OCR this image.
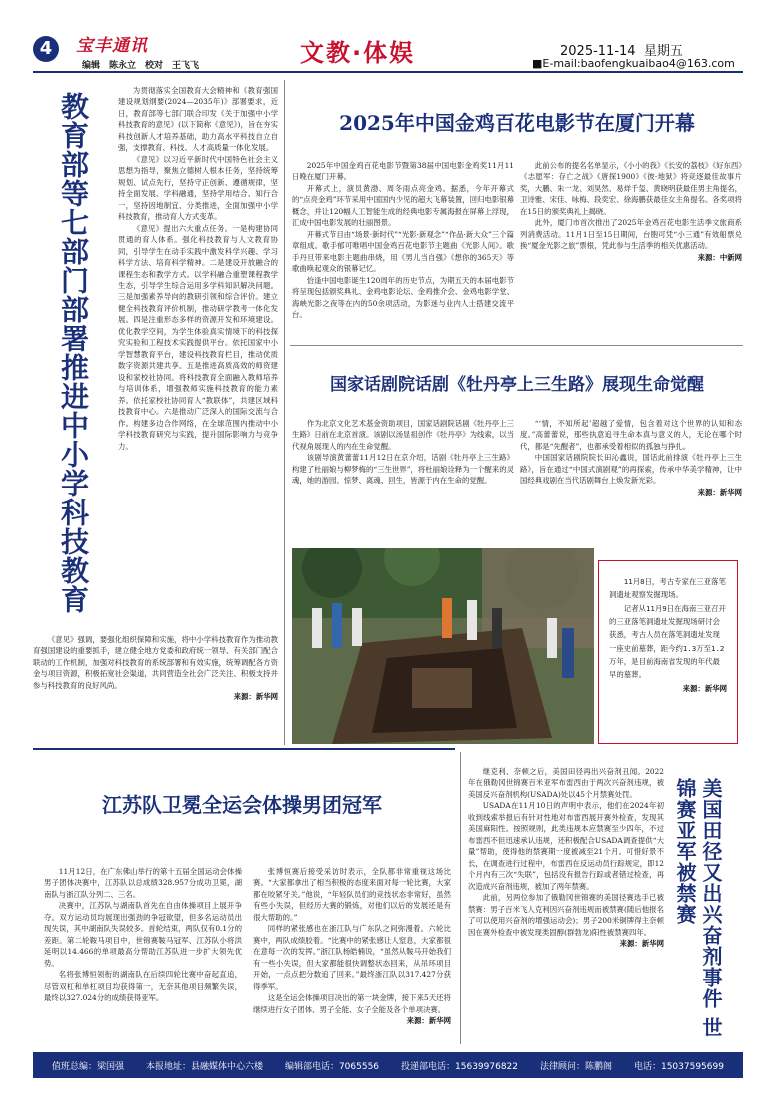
4	宝丰通讯
编辑　陈永立　校对　王飞飞	文教·体娱	2025-11-14 星期五
■E-mail:baofengkuaibao4@163.com
教育部等七部门部署推进中小学科技教育

为贯彻落实全国教育大会精神和《教育强国建设规划纲要(2024—2035年)》部署要求，近日，教育部等七部门联合印发《关于加强中小学科技教育的意见》(以下简称《意见》)，旨在夯实科技创新人才培养基础，助力高水平科技自立自强，支撑教育、科技、人才高质量一体化发展。

《意见》以习近平新时代中国特色社会主义思想为指导，聚焦立德树人根本任务，坚持统筹规划、试点先行，坚持守正创新、遵循规律，坚持全面发展、学科融通，坚持学用结合、知行合一，坚持因地制宜、分类推进，全面加强中小学科技教育，推动育人方式变革。

《意见》提出六大重点任务。一是构建协同贯通的育人体系。强化科技教育与人文教育协同，引导学生在动手实践中激发科学兴趣、学习科学方法、培育科学精神。二是建设开放融合的课程生态和教学方式。以学科融合重塑课程教学生态，引导学生综合运用多学科知识解决问题。三是加强素养导向的教研引领和综合评价。建立健全科技教育评价机制，推动研学教考一体化发展。四是注重形态多样的资源开发和环境建设。优化教学空间，为学生体验真实情境下的科技探究实验和工程技术实践提供平台。依托国家中小学智慧教育平台，建设科技教育栏目，推动优质数字资源共建共享。五是推进高质高效的师资建设和家校社协同。将科技教育全面融入教师培养与培训体系，增强教师实施科技教育的能力素养。依托家校社协同育人“教联体”，共建区域科技教育中心。六是推动广泛深入的国际交流与合作。构建多边合作网络，在全球范围内推动中小学科技教育研究与实践，提升国际影响力与竞争力。

《意见》强调，要强化组织保障和实施，将中小学科技教育作为推动教育强国建设的重要抓手，建立健全地方党委和政府统一领导、有关部门配合联动的工作机制，加强对科技教育的系统部署和有效实施，统筹调配各方资金与项目资源，积极拓宽社会渠道，共同营造全社会广泛关注、积极支持并参与科技教育的良好风尚。

来源：新华网
2025年中国金鸡百花电影节在厦门开幕

2025年中国金鸡百花电影节暨第38届中国电影金鸡奖11月11日晚在厦门开幕。

开幕式上，演员黄渤、周冬雨点亮金鸡。据悉，今年开幕式的“点亮金鸡”环节采用中国国内少见的超大飞幕装置，回归电影银幕概念，并让120幅人工智能生成的经典电影专属海报在屏幕上浮现，汇成中国电影发展的壮丽图景。

开幕式节目由“场景·新时代”“光影·新观念”“作品·新大众”三个篇章组成。歌手郁可唯唱中国金鸡百花电影节主题曲《光影人间》。歌手丹旦带来电影主题曲串烧，用《男儿当自强》《想你的365天》等歌曲唤起观众的银幕记忆。

恰逢中国电影诞生120周年的历史节点，为期五天的本届电影节将呈现包括颁奖典礼、金鸡电影论坛、金鸡推介会、金鸡电影学堂、海峡光影之夜等在内的50余项活动，为影迷与业内人士搭建交流平台。

此前公布的提名名单显示，《小小的我》《长安的荔枝》《好东西》《志愿军：存亡之战》《唐探1900》《彼·地狱》将竞逐最佳故事片奖，大鹏、朱一龙、刘昊然、易烊千玺、黄晓明获最佳男主角提名，卫诗雅、宋佳、咏梅、段奕宏、徐海鹏获最佳女主角提名。各奖项将在15日的颁奖典礼上揭晓。

此外，厦门市首次推出了2025年金鸡百花电影生活季文旅商系列消费活动。11月1日至15日期间，台胞可凭“小三通”有效船票兑换“厦金光影之旅”票根，凭此参与生活季的相关优惠活动。

来源：中新网
国家话剧院话剧《牡丹亭上三生路》展现生命觉醒

作为北京文化艺术基金资助项目，国家话剧院话剧《牡丹亭上三生路》日前在北京首演。该剧以汤显祖创作《牡丹亭》为线索，以当代视角展现人的内在生命觉醒。

该剧导演黄蕾蕾11月12日在京介绍，话剧《牡丹亭上三生路》构建了杜丽娘与柳梦梅的“三生世界”，将杜丽娘诠释为一个醒来的灵魂，她的游园、惊梦、离魂、回生，皆源于内在生命的觉醒。

“‘情，不知所起’超越了爱情，包含着对这个世界的认知和态度。”高蕾蕾说，那些执意追寻生命本真与意义的人，无论在哪个时代，都是“先醒者”，也都承受着相似的孤独与挣扎。

中国国家话剧院院长田沁鑫说，国话此前排演《牡丹亭上三生路》，旨在通过“中国式演剧观”的再探索，传承中华美学精神，让中国经典戏剧在当代话剧舞台上焕发新光彩。

来源：新华网

11月8日，考古专家在三亚落笔洞遗址观察发掘现场。

记者从11月9日在海南三亚召开的三亚落笔洞遗址发掘现场研讨会获悉，考古人员在落笔洞遗址发现一座史前墓葬，距今约1.3万至1.2万年，是目前海南省发现的年代最早的墓葬。

来源：新华网
江苏队卫冕全运会体操男团冠军

11月12日，在广东佛山举行的第十五届全国运动会体操男子团体决赛中，江苏队以总成绩328.957分成功卫冕，湖南队与浙江队分列二、三名。

决赛中，江苏队与湖南队首先在自由体操项目上展开争夺。双方运动员均展现出强劲的争冠欲望，但多名运动员出现失误，其中湖南队失误较多。首轮结束，两队仅有0.1分的差距。第二轮鞍马项目中，世锦赛鞍马冠军、江苏队小将洪延明以14.466的单项最高分帮助江苏队进一步扩大领先优势。

名将张博恒领衔的湖南队在后续四轮比赛中奋起直追，尽管双杠和单杠项目均获得第一，无奈其他项目频繁失误，最终以327.024分的成绩获得亚军。

张博恒赛后接受采访时表示，全队都非常重视这场比赛。“大家都拿出了相当积极的态度来面对每一轮比赛，大家都在咬紧牙关。”他说，“年轻队员们的竞技状态非常好，虽然有些小失误，但经历大赛的锻炼，对他们以后的发展还是有很大帮助的。”

同样的紧张感也在浙江队与广东队之间弥漫着。六轮比赛中，两队成绩胶着。“比赛中的紧张感让人窒息，大家都很在意每一次的发挥。”浙江队杨皓楠说，“虽然从鞍马开始我们有一些小失误，但大家都能很快调整状态回来，从吊环项目开始，一点点把分数追了回来。”最终浙江队以317.427分获得季军。

这是全运会体操项目决出的第一块金牌，接下来5天还将继续进行女子团体、男子全能、女子全能及各个单项决赛。

来源：新华网

继克利、奈顿之后，美国田径再出兴奋剂丑闻。2022年在俄勒冈世锦赛百米亚军布雷西由于两次兴奋剂违规，被美国反兴奋剂机构(USADA)处以45个月禁赛处罚。

USADA在11月10日的声明中表示，他们在2024年初收到线索举报后有针对性地对布雷西展开赛外检查，发现其美国麻阳性。按照规则，此类违规本应禁赛至少四年，不过布雷西不但迅速承认违规，还积极配合USADA调查提供“大量”帮助，使得他的禁赛期一度被减至21个月。可惜好景不长，在调查进行过程中，布雷西在反运动员行踪规定，即12个月内有三次“失联”，包括没有报告行踪或者错过检查，再次造成兴奋剂违规，被加了两年禁赛。

此前，另两位参加了俄勒冈世锦赛的美国径赛选手已被禁赛：男子百米飞人克利因兴奋剂违规而被禁赛(随后他报名了可以使用兴奋剂的增强运动会)；男子200米铜牌得主奈顿因在赛外检查中被发现类固醇(群勃龙)阳性被禁赛四年。

来源：新华网	美国田径又出兴奋剂事件 世锦赛亚军被禁赛
值班总编：梁国强 本报地址：县融媒体中心六楼 编辑部电话：7065556 投递部电话：15639976822 法律顾问：陈鹏阁 电话：15037595699
